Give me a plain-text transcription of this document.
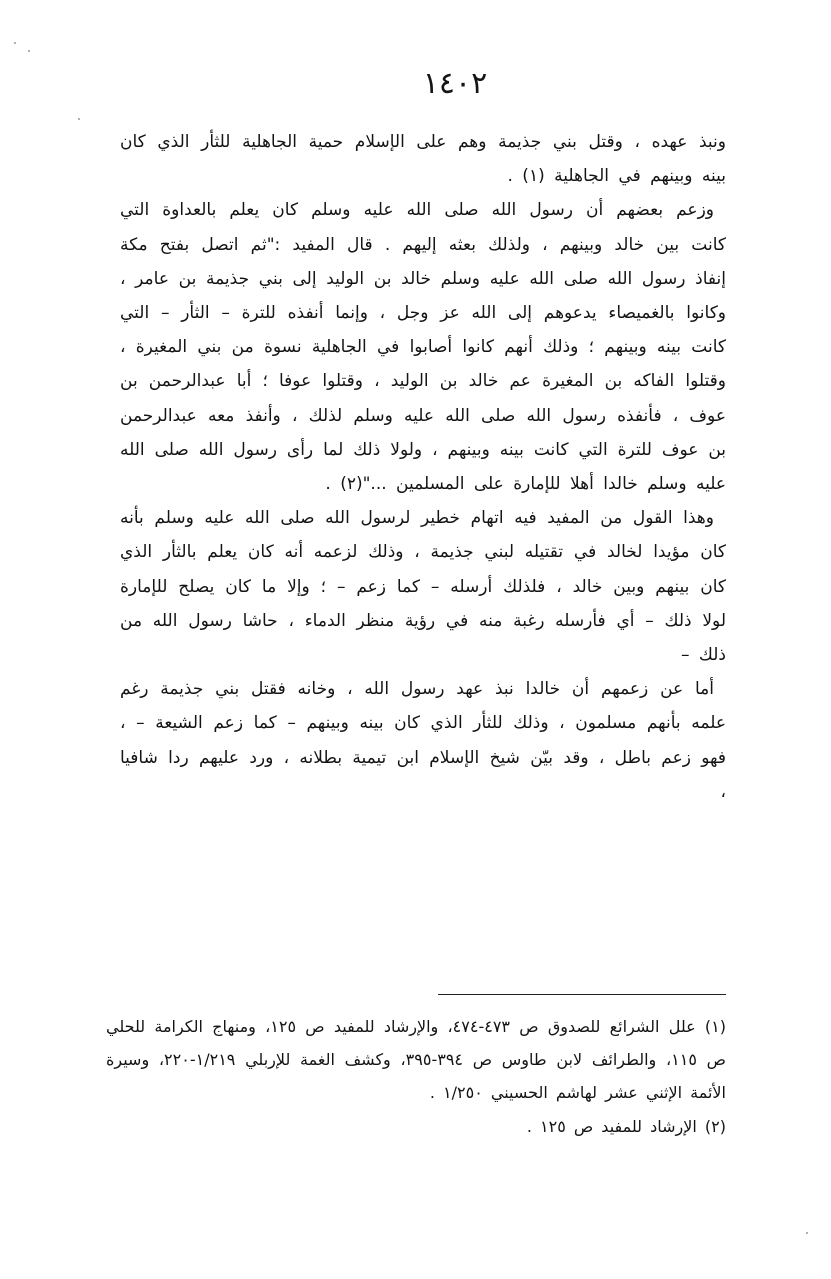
١٤٠٢

ونبذ عهده ، وقتل بني جذيمة وهم على الإسلام حمية الجاهلية للثأر الذي كان بينه وبينهم في الجاهلية (١) .

وزعم بعضهم أن رسول الله صلى الله عليه وسلم كان يعلم بالعداوة التي كانت بين خالد وبينهم ، ولذلك بعثه إليهم . قال المفيد :"ثم اتصل بفتح مكة إنفاذ رسول الله صلى الله عليه وسلم خالد بن الوليد إلى بني جذيمة بن عامر ، وكانوا بالغميصاء يدعوهم إلى الله عز وجل ، وإنما أنفذه للترة – الثأر – التي كانت بينه وبينهم ؛ وذلك أنهم كانوا أصابوا في الجاهلية نسوة من بني المغيرة ، وقتلوا الفاكه بن المغيرة عم خالد بن الوليد ، وقتلوا عوفا ؛ أبا عبدالرحمن بن عوف ، فأنفذه رسول الله صلى الله عليه وسلم لذلك ، وأنفذ معه عبدالرحمن بن عوف للترة التي كانت بينه وبينهم ، ولولا ذلك لما رأى رسول الله صلى الله عليه وسلم خالدا أهلا للإمارة على المسلمين ..."(٢) .

وهذا القول من المفيد فيه اتهام خطير لرسول الله صلى الله عليه وسلم بأنه كان مؤيدا لخالد في تقتيله لبني جذيمة ، وذلك لزعمه أنه كان يعلم بالثأر الذي كان بينهم وبين خالد ، فلذلك أرسله – كما زعم – ؛ وإلا ما كان يصلح للإمارة لولا ذلك – أي فأرسله رغبة منه في رؤية منظر الدماء ، حاشا رسول الله من ذلك –

أما عن زعمهم أن خالدا نبذ عهد رسول الله ، وخانه فقتل بني جذيمة رغم علمه بأنهم مسلمون ، وذلك للثأر الذي كان بينه وبينهم – كما زعم الشيعة – ، فهو زعم باطل ، وقد بيّن شيخ الإسلام ابن تيمية بطلانه ، ورد عليهم ردا شافيا ،

(١) علل الشرائع للصدوق ص ٤٧٣-٤٧٤، والإرشاد للمفيد ص ١٢٥، ومنهاج الكرامة للحلي ص ١١٥، والطرائف لابن طاوس ص ٣٩٤-٣٩٥، وكشف الغمة للإربلي ١/٢١٩-٢٢٠، وسيرة الأئمة الإثني عشر لهاشم الحسيني ١/٢٥٠ .

(٢) الإرشاد للمفيد ص ١٢٥ .
